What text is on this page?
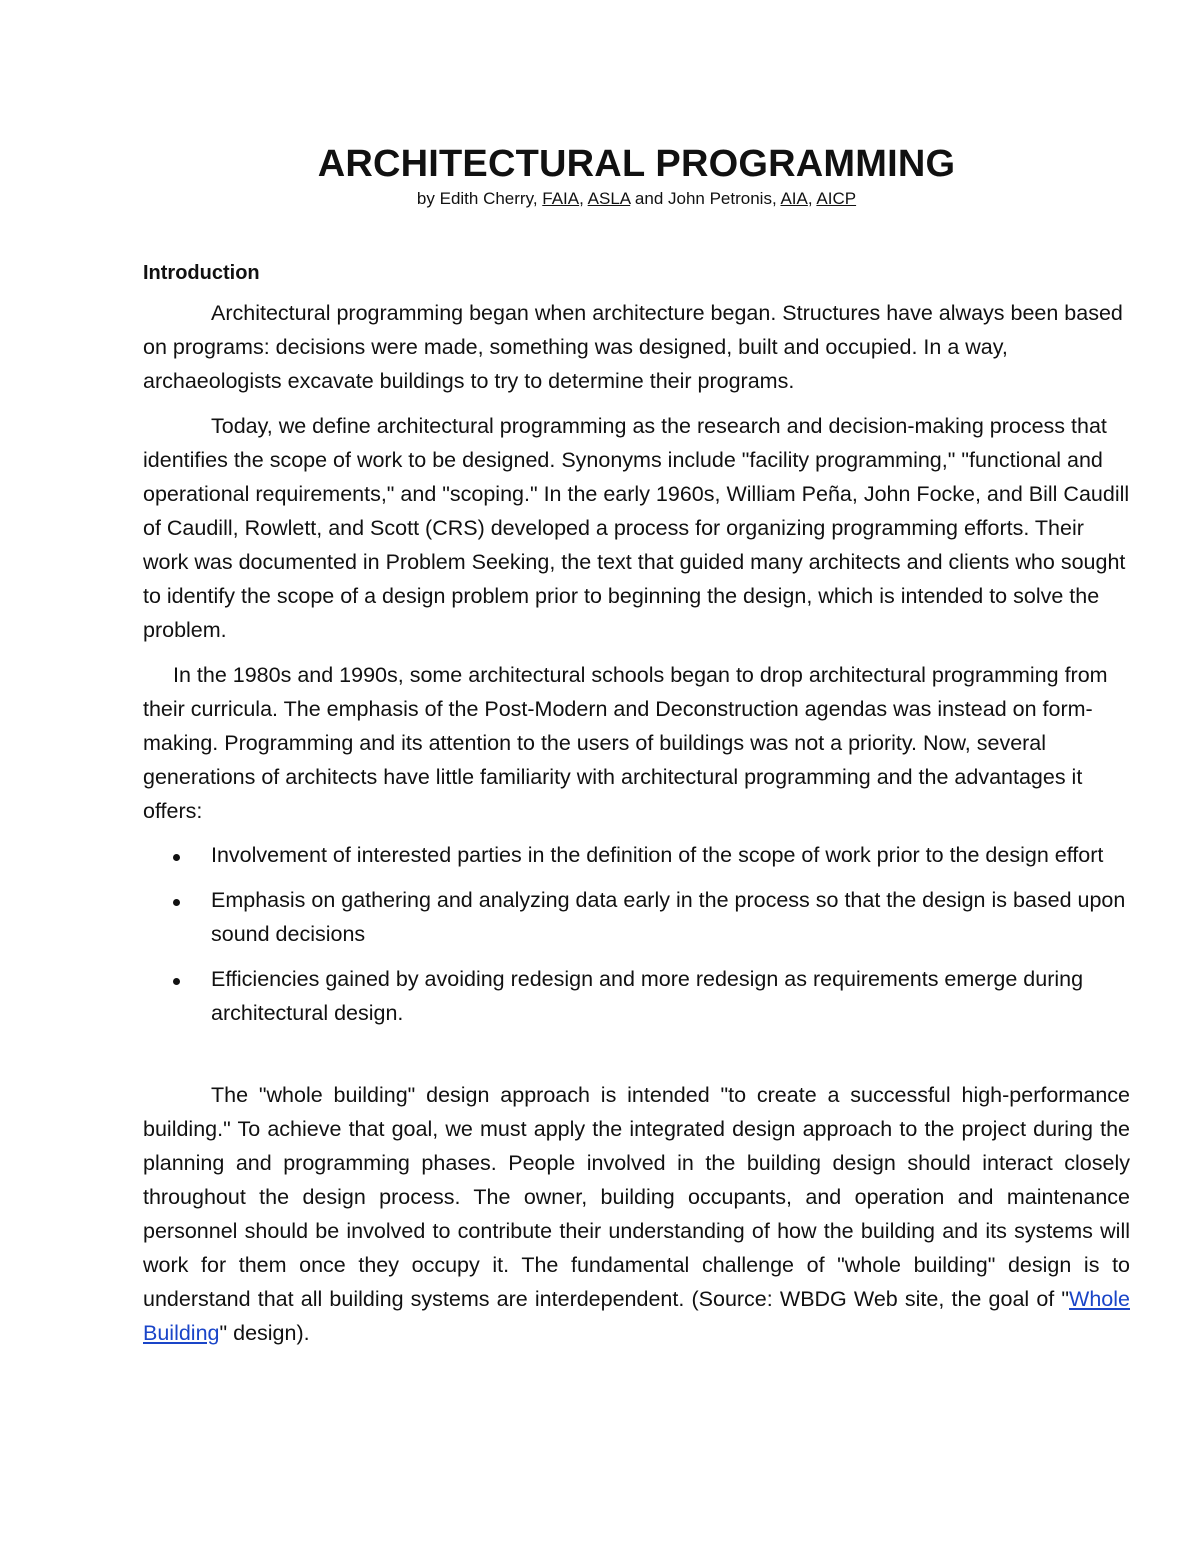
ARCHITECTURAL PROGRAMMING
by Edith Cherry, FAIA, ASLA and John Petronis, AIA, AICP
Introduction

Architectural programming began when architecture began. Structures have always been based on programs: decisions were made, something was designed, built and occupied. In a way, archaeologists excavate buildings to try to determine their programs.

Today, we define architectural programming as the research and decision-making process that identifies the scope of work to be designed. Synonyms include "facility programming," "functional and operational requirements," and "scoping." In the early 1960s, William Peña, John Focke, and Bill Caudill of Caudill, Rowlett, and Scott (CRS) developed a process for organizing programming efforts. Their work was documented in Problem Seeking, the text that guided many architects and clients who sought to identify the scope of a design problem prior to beginning the design, which is intended to solve the problem.

In the 1980s and 1990s, some architectural schools began to drop architectural programming from their curricula. The emphasis of the Post-Modern and Deconstruction agendas was instead on form-making. Programming and its attention to the users of buildings was not a priority. Now, several generations of architects have little familiarity with architectural programming and the advantages it offers:

Involvement of interested parties in the definition of the scope of work prior to the design effort
Emphasis on gathering and analyzing data early in the process so that the design is based upon sound decisions
Efficiencies gained by avoiding redesign and more redesign as requirements emerge during architectural design.

The "whole building" design approach is intended "to create a successful high-performance building." To achieve that goal, we must apply the integrated design approach to the project during the planning and programming phases. People involved in the building design should interact closely throughout the design process. The owner, building occupants, and operation and maintenance personnel should be involved to contribute their understanding of how the building and its systems will work for them once they occupy it. The fundamental challenge of "whole building" design is to understand that all building systems are interdependent. (Source: WBDG Web site, the goal of "Whole Building" design).
